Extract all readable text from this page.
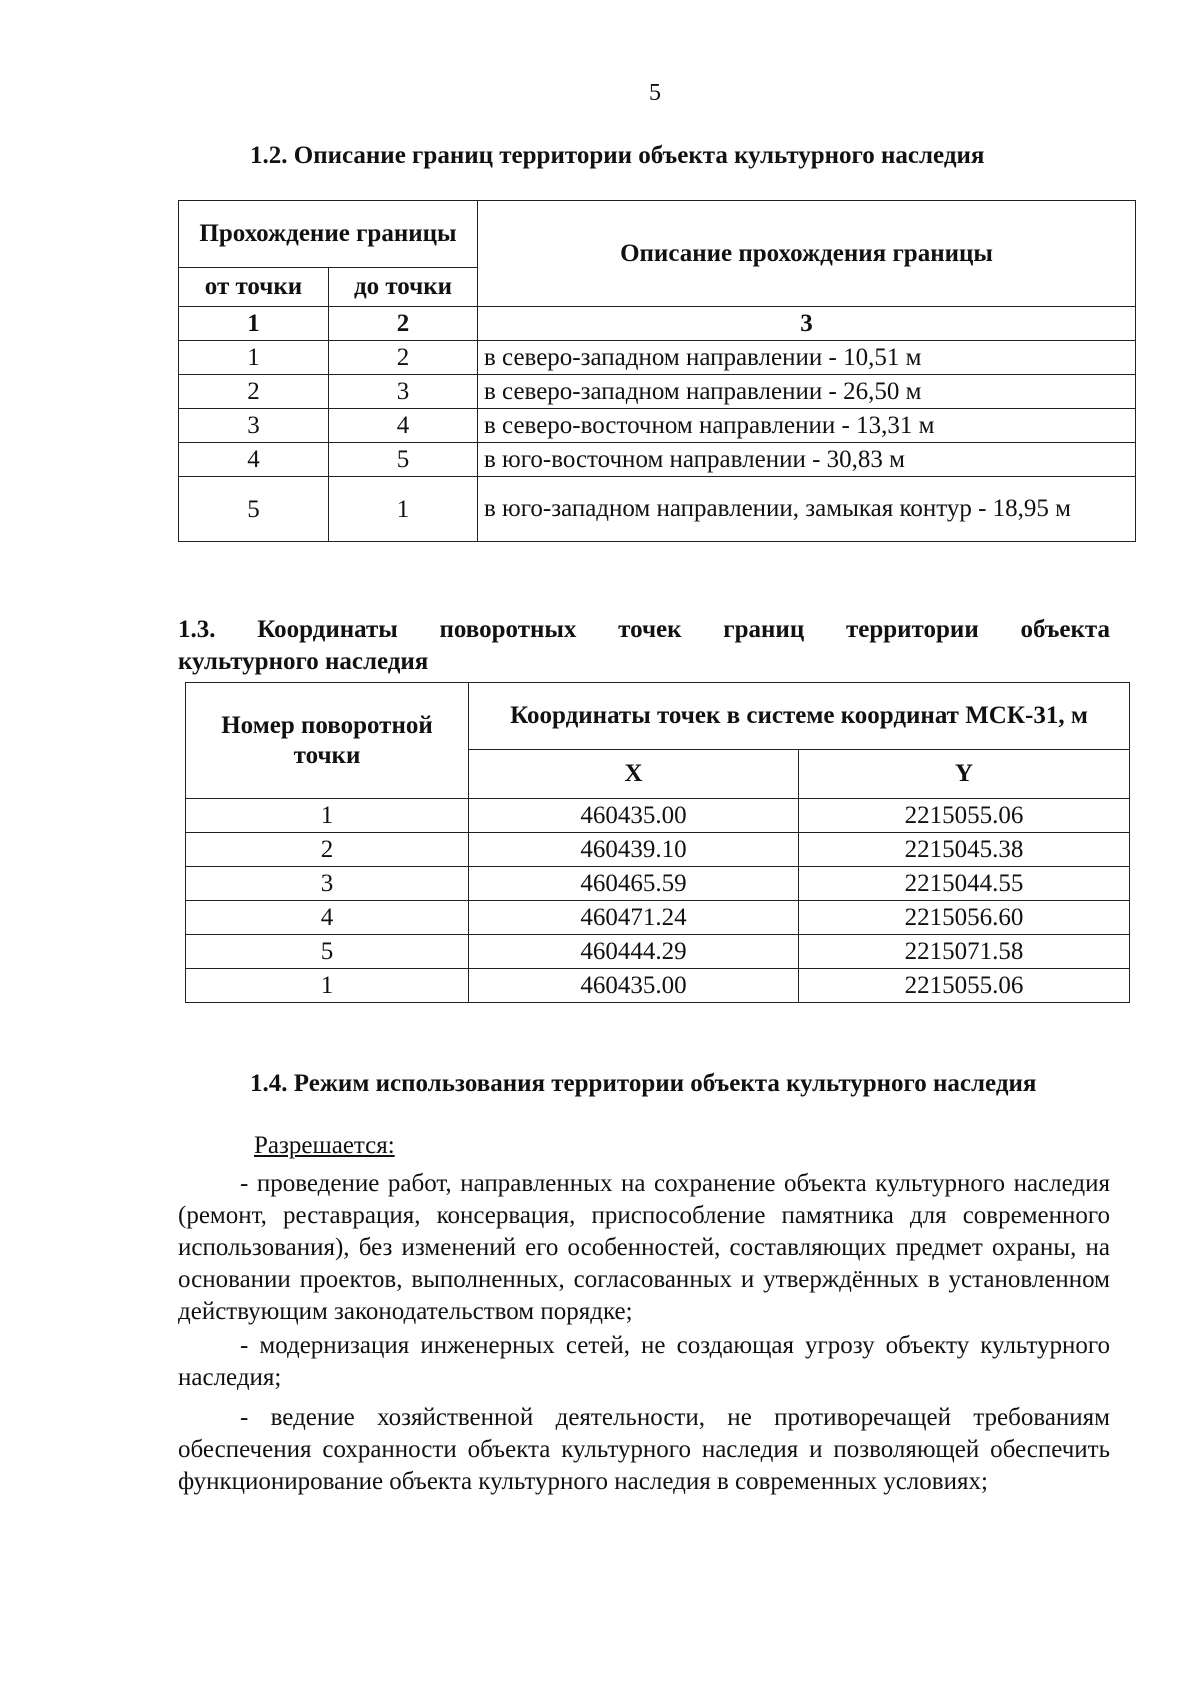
5
1.2. Описание границ территории объекта культурного наследия
Прохождение границы		Описание прохождения границы
от точки	до точки	
1	2	3
1	2	в северо-западном направлении - 10,51 м
2	3	в северо-западном направлении - 26,50 м
3	4	в северо-восточном направлении - 13,31 м
4	5	в юго-восточном направлении - 30,83 м
5	1	в юго-западном направлении, замыкая контур - 18,95 м
1.3. Координаты поворотных точек границ территории объекта
культурного наследия
Номер поворотной точки	Координаты точек в системе координат МСК-31, м	
	X	Y
1	460435.00	2215055.06
2	460439.10	2215045.38
3	460465.59	2215044.55
4	460471.24	2215056.60
5	460444.29	2215071.58
1	460435.00	2215055.06
1.4. Режим использования территории объекта культурного наследия
Разрешается:

- проведение работ, направленных на сохранение объекта культурного наследия (ремонт, реставрация, консервация, приспособление памятника для современного использования), без изменений его особенностей, составляющих предмет охраны, на основании проектов, выполненных, согласованных и утверждённых в установленном действующим законодательством порядке;

- модернизация инженерных сетей, не создающая угрозу объекту культурного наследия;

- ведение хозяйственной деятельности, не противоречащей требованиям обеспечения сохранности объекта культурного наследия и позволяющей обеспечить функционирование объекта культурного наследия в современных условиях;
